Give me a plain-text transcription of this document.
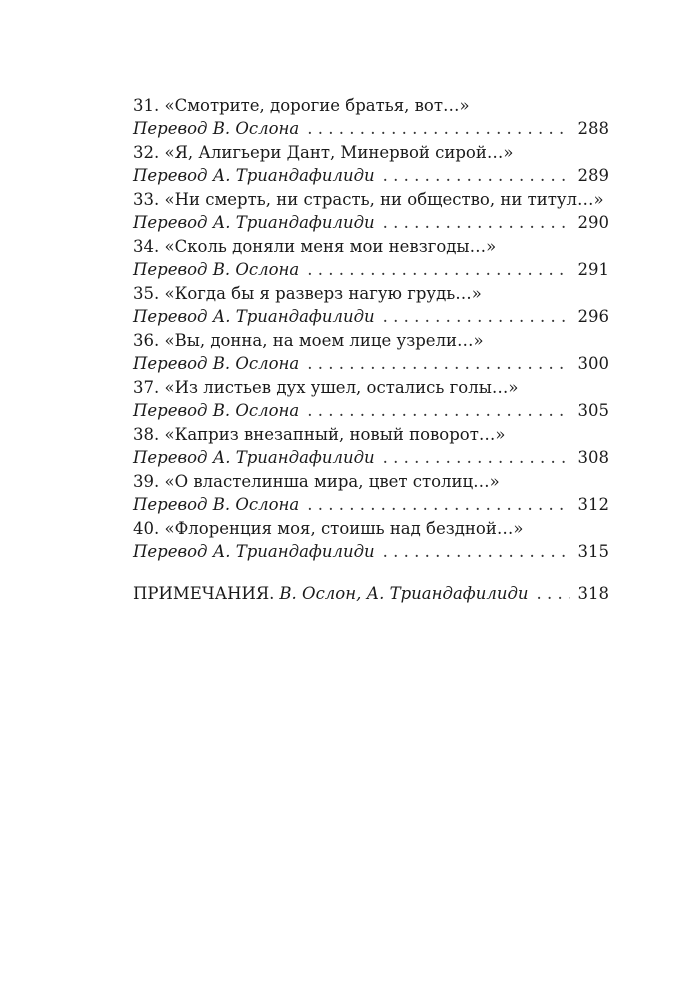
31. «Смотрите, дорогие братья, вот…»
Перевод В. Ослона . . .	288
32. «Я, Алигьери Дант, Минервой сирой…»
Перевод А. Триандафилиди . . .	289
33. «Ни смерть, ни страсть, ни общество, ни титул…»
Перевод А. Триандафилиди . . .	290
34. «Сколь доняли меня мои невзгоды…»
Перевод В. Ослона . . .	291
35. «Когда бы я разверз нагую грудь…»
Перевод А. Триандафилиди . . .	296
36. «Вы, донна, на моем лице узрели…»
Перевод В. Ослона . . .	300
37. «Из листьев дух ушел, остались голы…»
Перевод В. Ослона . . .	305
38. «Каприз внезапный, новый поворот…»
Перевод А. Триандафилиди . . .	308
39. «О властелинша мира, цвет столиц…»
Перевод В. Ослона . . .	312
40. «Флоренция моя, стоишь над бездной…»
Перевод А. Триандафилиди . . .	315
ПРИМЕЧАНИЯ. В. Ослон, А. Триандафилиди . . .	318
